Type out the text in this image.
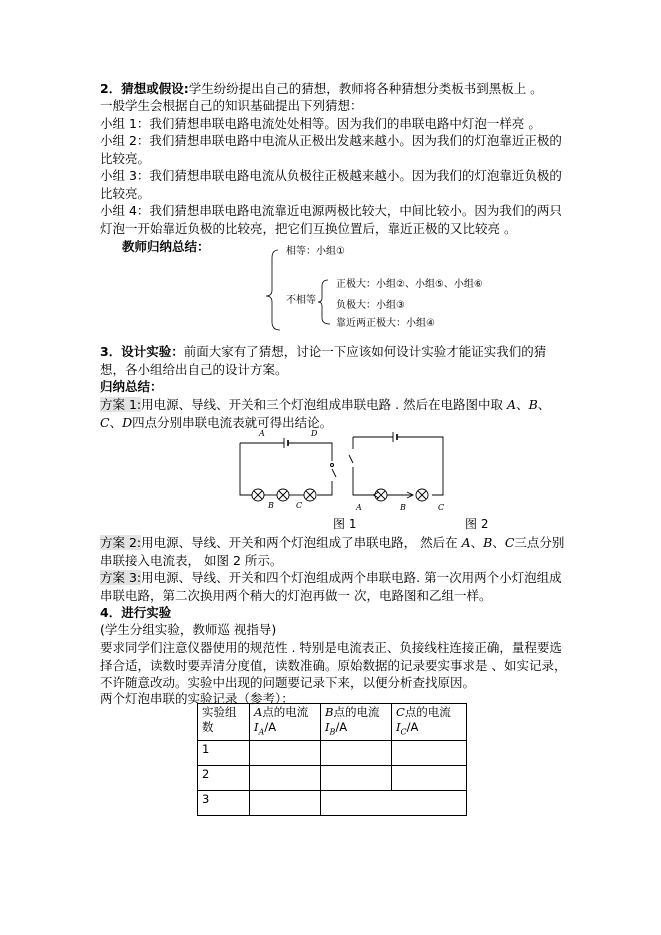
2．猜想或假设:学生纷纷提出自己的猜想，教师将各种猜想分类板书到黑板上 。

一般学生会根据自己的知识基础提出下列猜想：

小组 1：我们猜想串联电路电流处处相等。因为我们的串联电路中灯泡一样亮 。

小组 2：我们猜想串联电路中电流从正极出发越来越小。因为我们的灯泡靠近正极的比较亮。

小组 3：我们猜想串联电路电流从负极往正极越来越小。因为我们的灯泡靠近负极的比较亮。

小组 4：我们猜想串联电路电流靠近电源两极比较大，中间比较小。因为我们的两只灯泡一开始靠近负极的比较亮，把它们互换位置后，靠近正极的又比较亮 。

教师归纳总结：	相等：小组①
不相等
正极大：小组②、小组⑤、小组⑥
负极大：小组③
靠近两正极大：小组④

3．设计实验：前面大家有了猜想，讨论一下应该如何设计实验才能证实我们的猜想，各小组给出自己的设计方案。

归纳总结：

方案 1:用电源、导线、开关和三个灯泡组成串联电路 . 然后在电路图中取 A、B、C、D四点分别串联电流表就可得出结论。

A	D
B	C	A	B	C
图 1	图 2

方案 2:用电源、导线、开关和两个灯泡组成了串联电路， 然后在 A、B、C三点分别串联接入电流表， 如图 2 所示。

方案 3:用电源、导线、开关和四个灯泡组成两个串联电路. 第一次用两个小灯泡组成串联电路，第二次换用两个稍大的灯泡再做一 次，电路图和乙组一样。

4．进行实验

(学生分组实验，教师巡 视指导)

要求同学们注意仪器使用的规范性 . 特别是电流表正、负接线柱连接正确，量程要选择合适，读数时要弄清分度值，读数准确。原始数据的记录要实事求是 、如实记录，不许随意改动。实验中出现的问题要记录下来，以便分析查找原因。

两个灯泡串联的实验记录（参考）：

实验组数	A点的电流 $I_A/A$	B点的电流 $I_B/A$	C点的电流 $I_C/A$
1			
2			
3			
